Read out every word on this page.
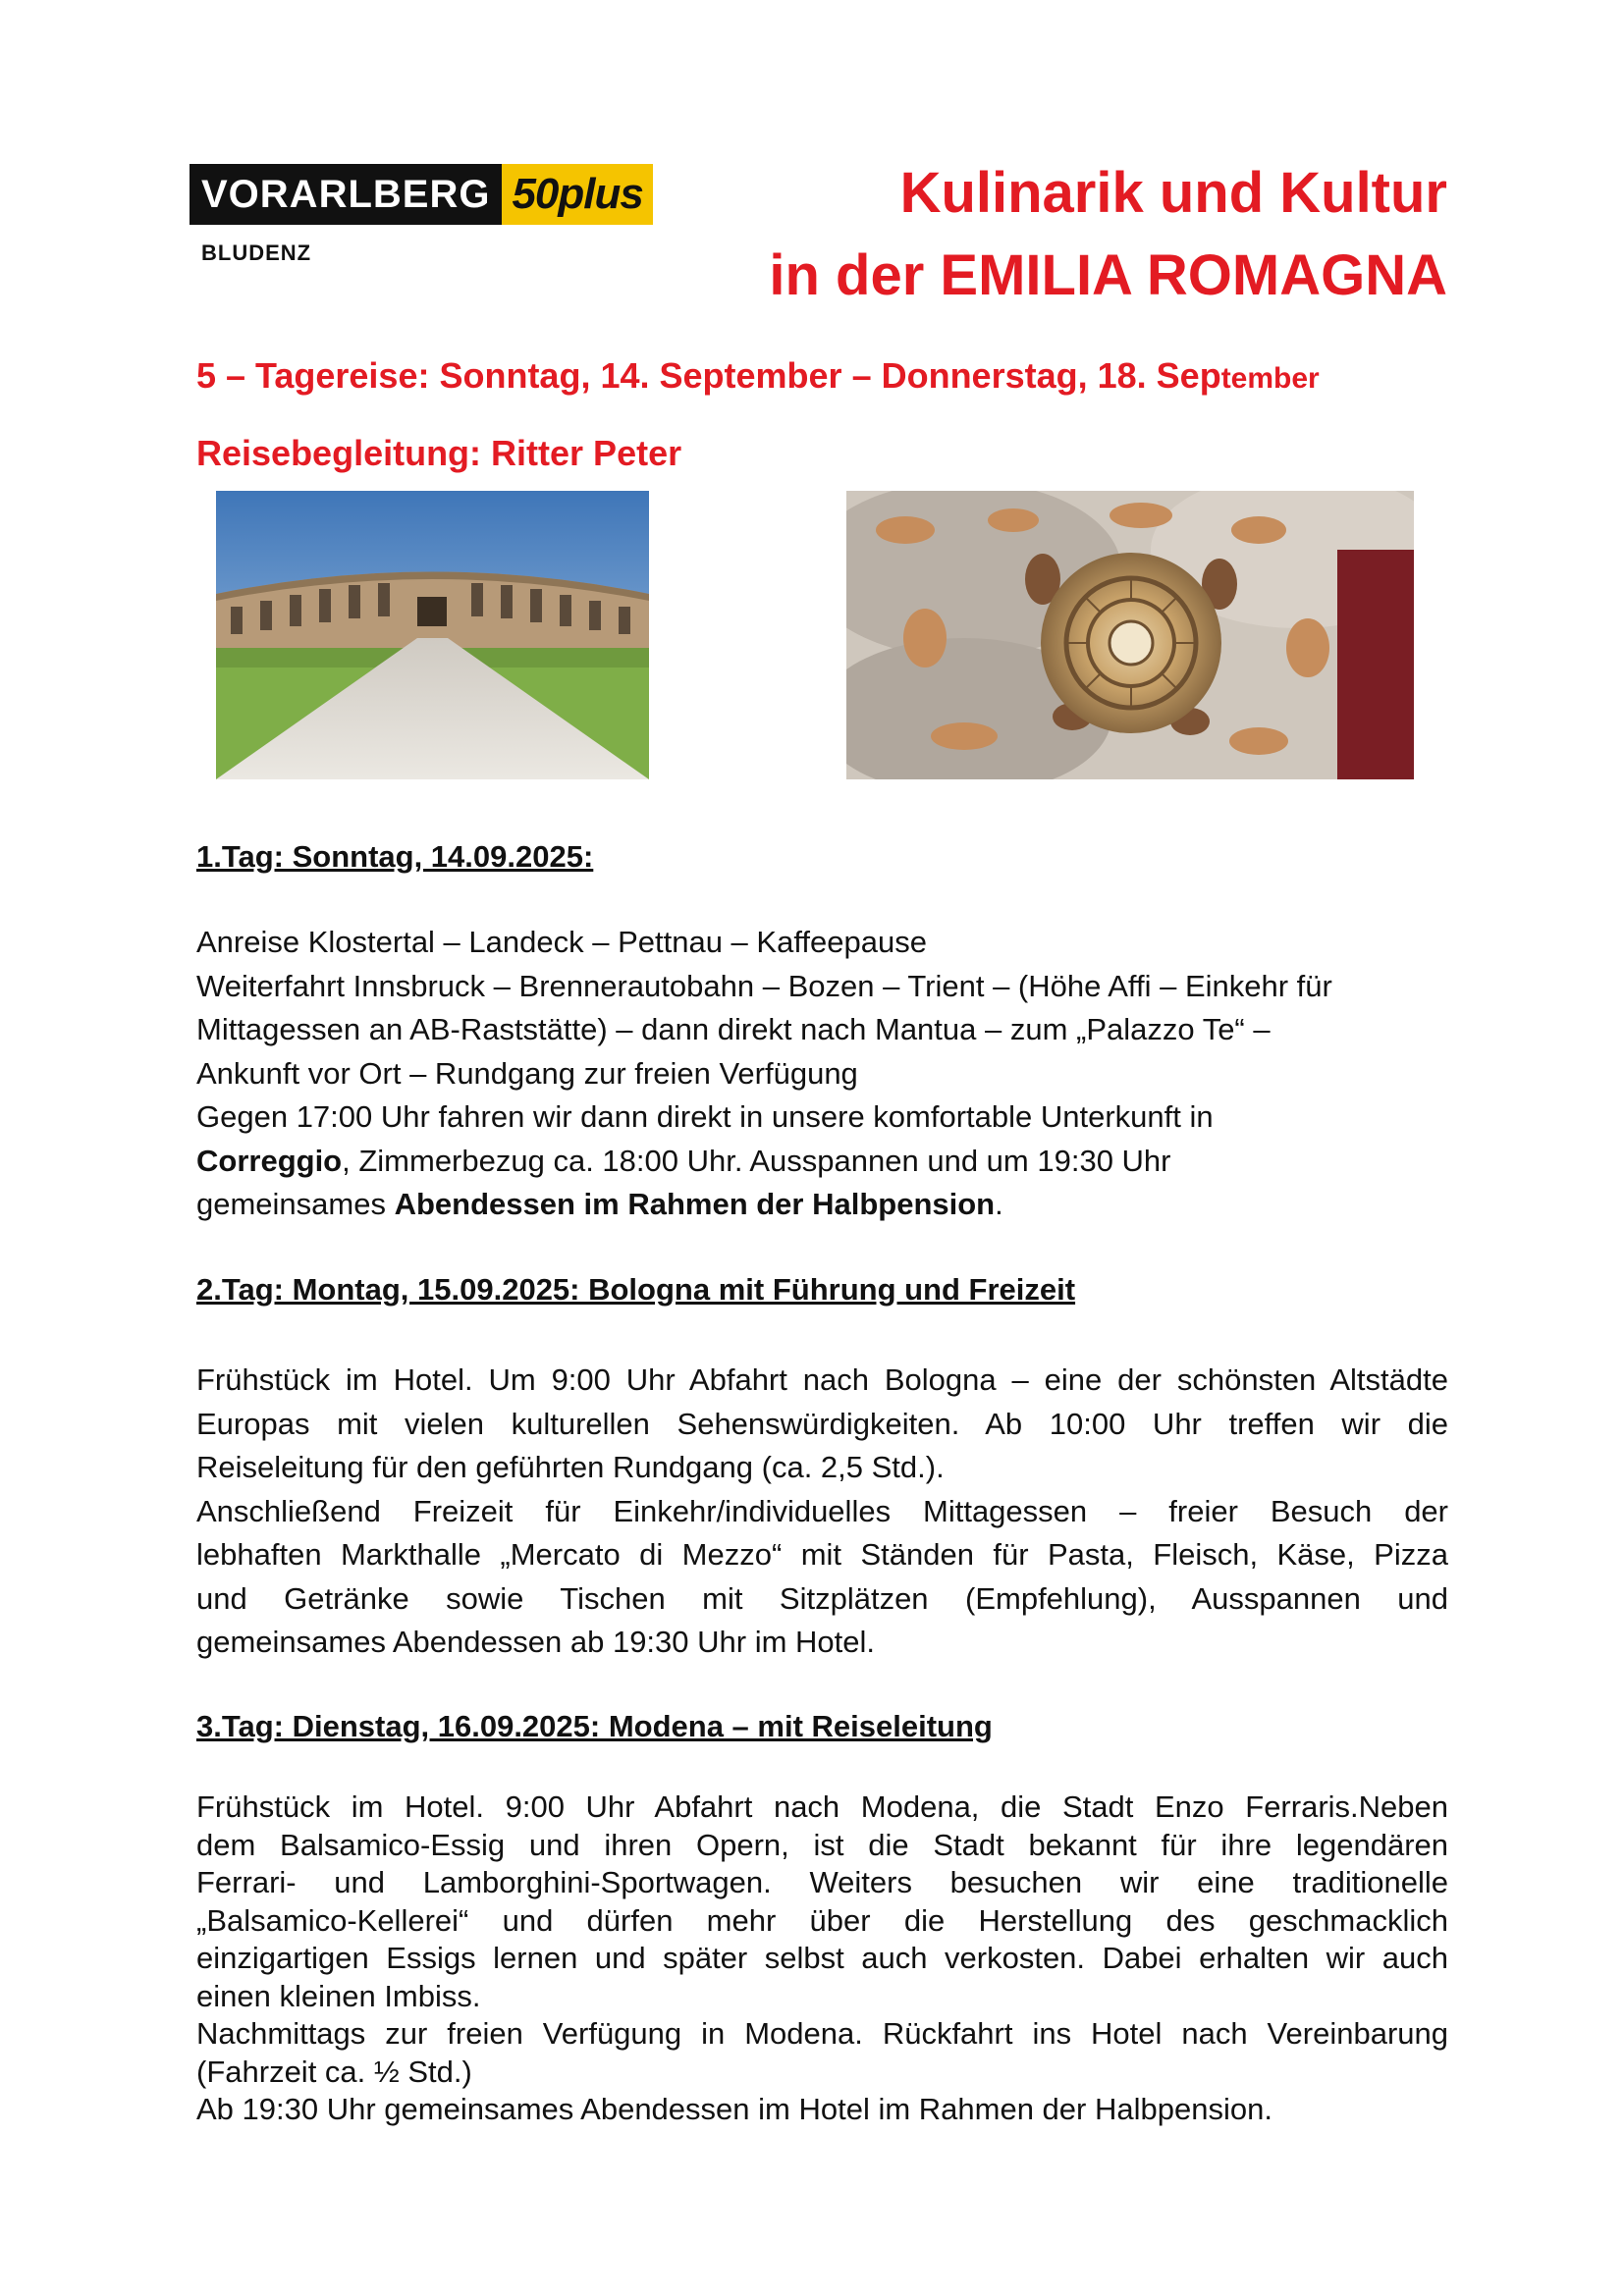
VORARLBERG 50plus
BLUDENZ
Kulinarik und Kultur
in der EMILIA ROMAGNA
5 – Tagereise: Sonntag, 14. September – Donnerstag, 18. September
Reisebegleitung: Ritter Peter
1.Tag: Sonntag, 14.09.2025:
Anreise Klostertal – Landeck – Pettnau – Kaffeepause
Weiterfahrt Innsbruck – Brennerautobahn – Bozen – Trient – (Höhe Affi – Einkehr für
Mittagessen an AB-Raststätte) – dann direkt nach Mantua – zum „Palazzo Te“ –
Ankunft vor Ort – Rundgang zur freien Verfügung
Gegen 17:00 Uhr fahren wir dann direkt in unsere komfortable Unterkunft in
Correggio, Zimmerbezug ca. 18:00 Uhr. Ausspannen und um 19:30 Uhr
gemeinsames Abendessen im Rahmen der Halbpension.
2.Tag: Montag, 15.09.2025: Bologna mit Führung und Freizeit
Frühstück im Hotel. Um 9:00 Uhr Abfahrt nach Bologna – eine der schönsten Altstädte
Europas mit vielen kulturellen Sehenswürdigkeiten. Ab 10:00 Uhr treffen wir die
Reiseleitung für den geführten Rundgang (ca. 2,5 Std.).
Anschließend Freizeit für Einkehr/individuelles Mittagessen – freier Besuch der
lebhaften Markthalle „Mercato di Mezzo“ mit Ständen für Pasta, Fleisch, Käse, Pizza
und Getränke sowie Tischen mit Sitzplätzen (Empfehlung), Ausspannen und
gemeinsames Abendessen ab 19:30 Uhr im Hotel.
3.Tag: Dienstag, 16.09.2025: Modena – mit Reiseleitung
Frühstück im Hotel. 9:00 Uhr Abfahrt nach Modena, die Stadt Enzo Ferraris.Neben
dem Balsamico-Essig und ihren Opern, ist die Stadt bekannt für ihre legendären
Ferrari- und Lamborghini-Sportwagen. Weiters besuchen wir eine traditionelle
„Balsamico-Kellerei“ und dürfen mehr über die Herstellung des geschmacklich
einzigartigen Essigs lernen und später selbst auch verkosten. Dabei erhalten wir auch
einen kleinen Imbiss.
Nachmittags zur freien Verfügung in Modena. Rückfahrt ins Hotel nach Vereinbarung
(Fahrzeit ca. ½ Std.)
Ab 19:30 Uhr gemeinsames Abendessen im Hotel im Rahmen der Halbpension.
